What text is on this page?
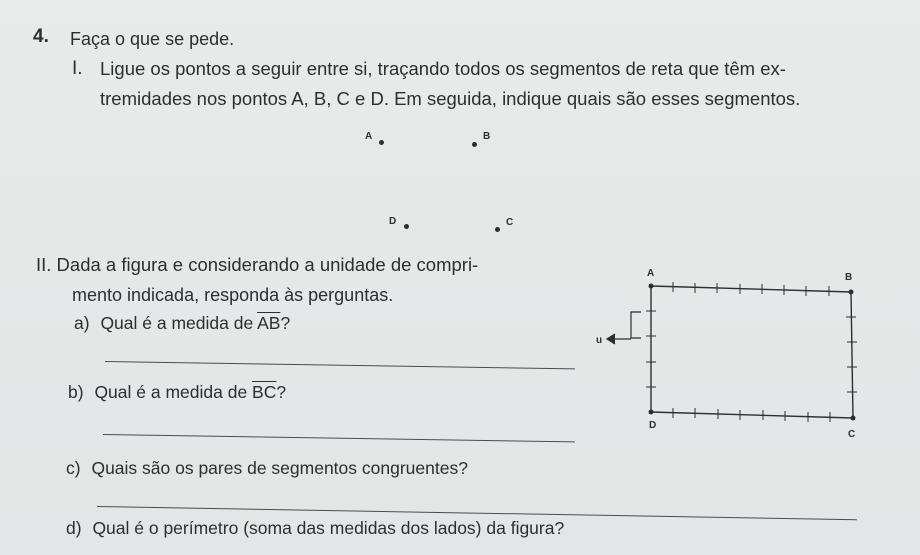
4. Faça o que se pede.
I. Ligue os pontos a seguir entre si, traçando todos os segmentos de reta que têm ex-
tremidades nos pontos A, B, C e D. Em seguida, indique quais são esses segmentos.
A	B
D	C
II. Dada a figura e considerando a unidade de compri-
mento indicada, responda às perguntas.
a) Qual é a medida de $\overline{AB}$?
b) Qual é a medida de $\overline{BC}$?
c) Quais são os pares de segmentos congruentes?
d) Qual é o perímetro (soma das medidas dos lados) da figura?
A	B
D
C
u
